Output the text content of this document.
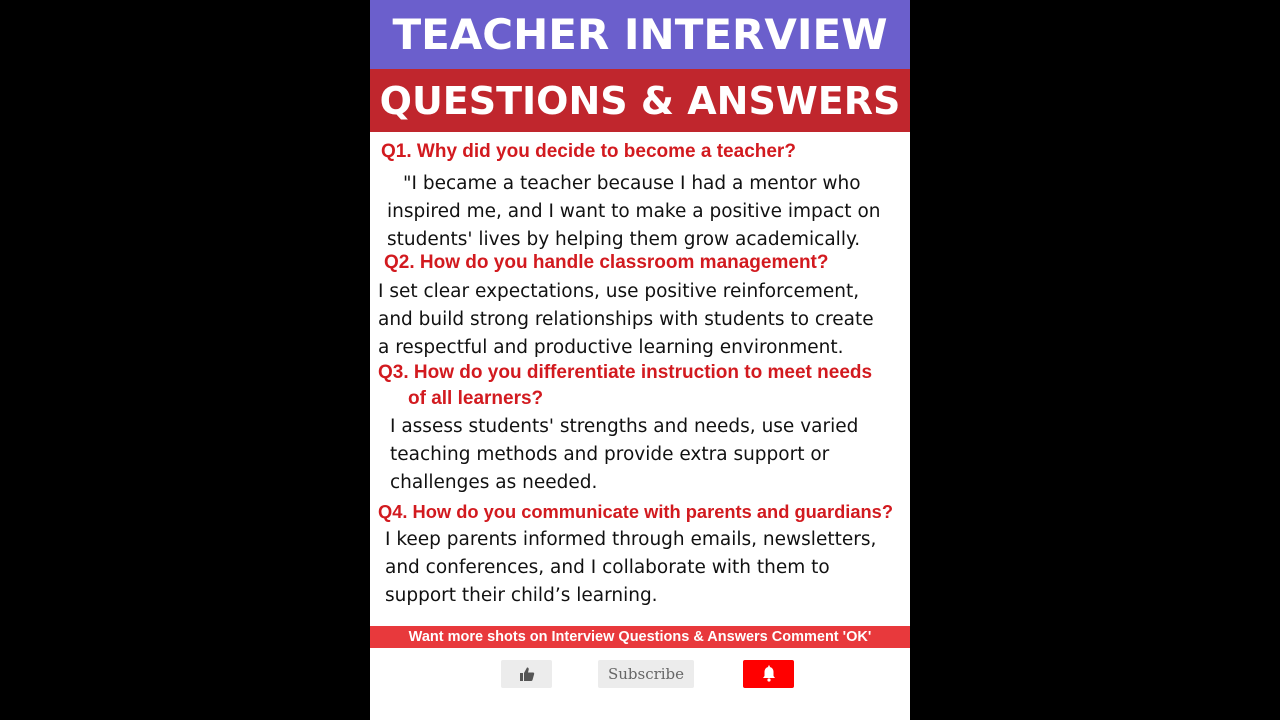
TEACHER INTERVIEW
QUESTIONS & ANSWERS
Q1. Why did you decide to become a teacher?
"I became a teacher because I had a mentor who
inspired me, and I want to make a positive impact on
students' lives by helping them grow academically.
Q2. How do you handle classroom management?
I set clear expectations, use positive reinforcement,
and build strong relationships with students to create
a respectful and productive learning environment.
Q3. How do you differentiate instruction to meet needs
of all learners?
I assess students' strengths and needs, use varied
teaching methods and provide extra support or
challenges as needed.
Q4. How do you communicate with parents and guardians?
I keep parents informed through emails, newsletters,
and conferences, and I collaborate with them to
support their child’s learning.
Want more shots on Interview Questions & Answers Comment 'OK'
Subscribe
